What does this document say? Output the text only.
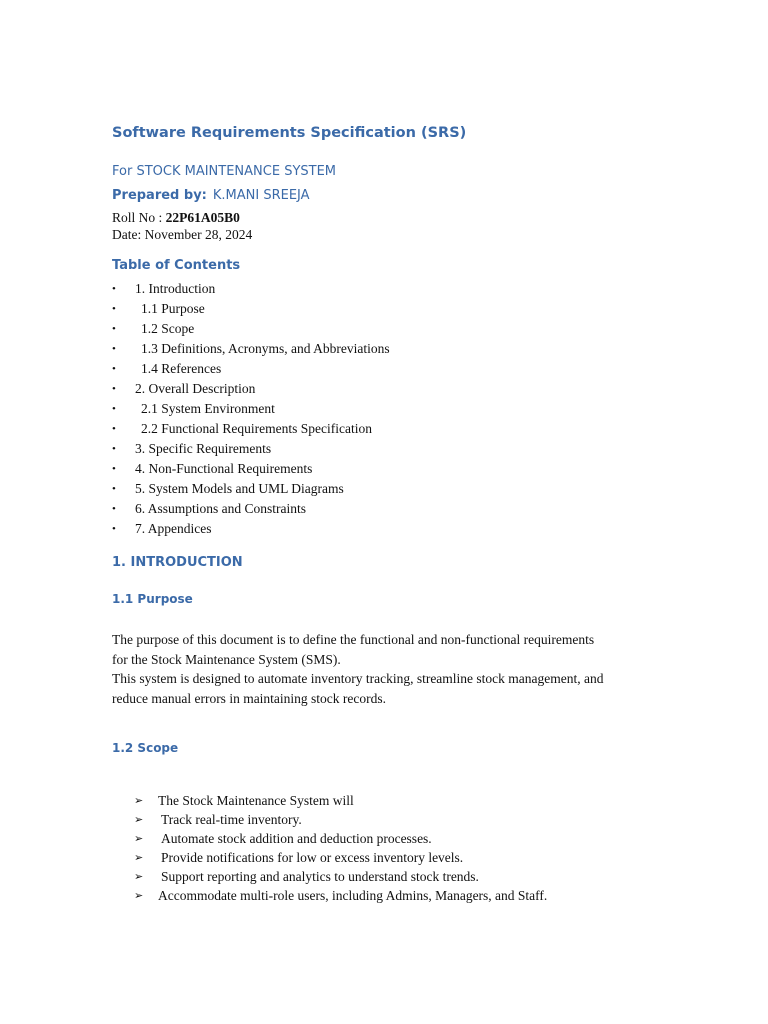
Software Requirements Specification (SRS)
For STOCK MAINTENANCE SYSTEM
Prepared by: K.MANI SREEJA
Roll No : 22P61A05B0
Date: November 28, 2024
Table of Contents
•	1. Introduction
•	1.1 Purpose
•	1.2 Scope
•	1.3 Definitions, Acronyms, and Abbreviations
•	1.4 References
•	2. Overall Description
•	2.1 System Environment
•	2.2 Functional Requirements Specification
•	3. Specific Requirements
•	4. Non-Functional Requirements
•	5. System Models and UML Diagrams
•	6. Assumptions and Constraints
•	7. Appendices
1. INTRODUCTION
1.1 Purpose

The purpose of this document is to define the functional and non-functional requirements
for the Stock Maintenance System (SMS).
This system is designed to automate inventory tracking, streamline stock management, and
reduce manual errors in maintaining stock records.

1.2 Scope
➢	The Stock Maintenance System will
➢	Track real-time inventory.
➢	Automate stock addition and deduction processes.
➢	Provide notifications for low or excess inventory levels.
➢	Support reporting and analytics to understand stock trends.
➢	Accommodate multi-role users, including Admins, Managers, and Staff.
